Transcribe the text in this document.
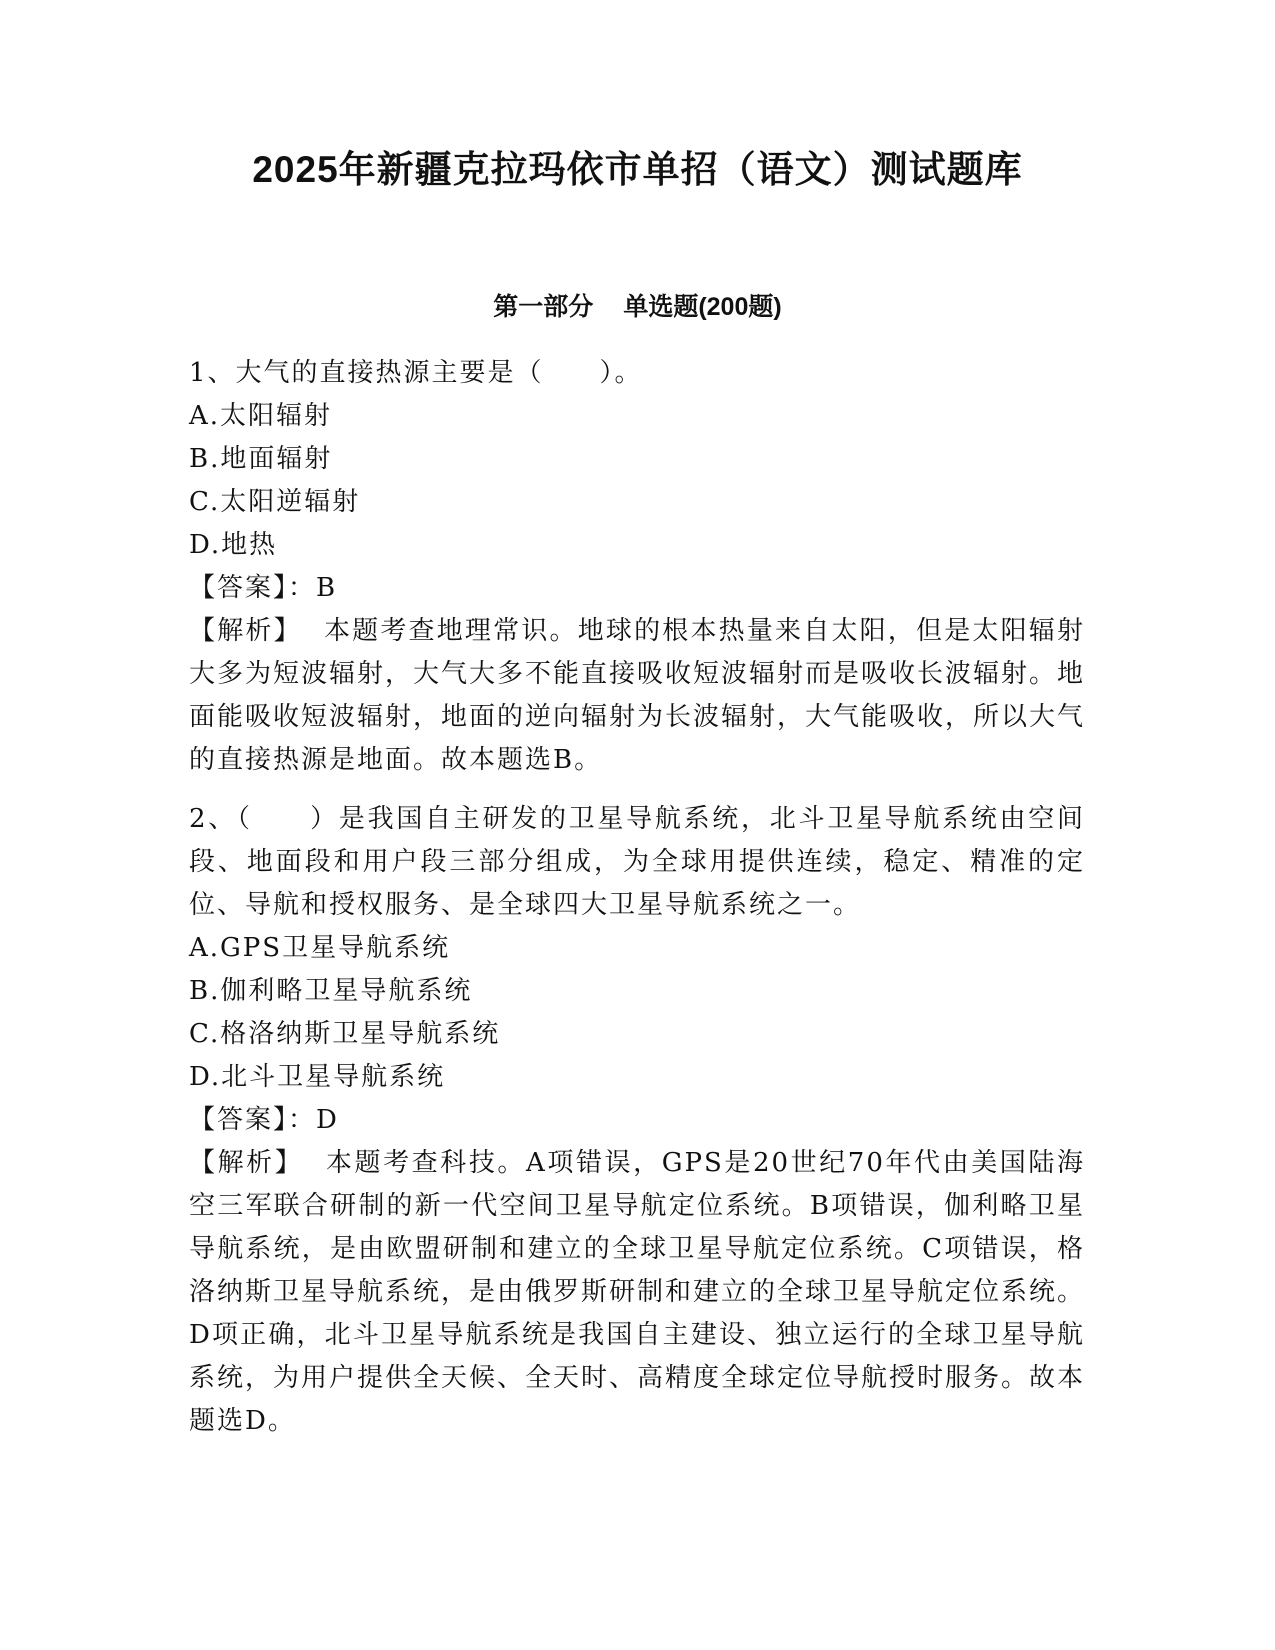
2025年新疆克拉玛依市单招（语文）测试题库
第一部分 单选题(200题)

1、大气的直接热源主要是（　　）。

A.太阳辐射

B.地面辐射

C.太阳逆辐射

D.地热

【答案】：B

【解析】 本题考查地理常识。地球的根本热量来自太阳，但是太阳辐射大多为短波辐射，大气大多不能直接吸收短波辐射而是吸收长波辐射。地面能吸收短波辐射，地面的逆向辐射为长波辐射，大气能吸收，所以大气的直接热源是地面。故本题选B。

2、（　　）是我国自主研发的卫星导航系统，北斗卫星导航系统由空间段、地面段和用户段三部分组成，为全球用提供连续，稳定、精准的定位、导航和授权服务、是全球四大卫星导航系统之一。

A.GPS卫星导航系统

B.伽利略卫星导航系统

C.格洛纳斯卫星导航系统

D.北斗卫星导航系统

【答案】：D

【解析】 本题考查科技。A项错误，GPS是20世纪70年代由美国陆海空三军联合研制的新一代空间卫星导航定位系统。B项错误，伽利略卫星导航系统，是由欧盟研制和建立的全球卫星导航定位系统。C项错误，格洛纳斯卫星导航系统，是由俄罗斯研制和建立的全球卫星导航定位系统。D项正确，北斗卫星导航系统是我国自主建设、独立运行的全球卫星导航系统，为用户提供全天候、全天时、高精度全球定位导航授时服务。故本题选D。
